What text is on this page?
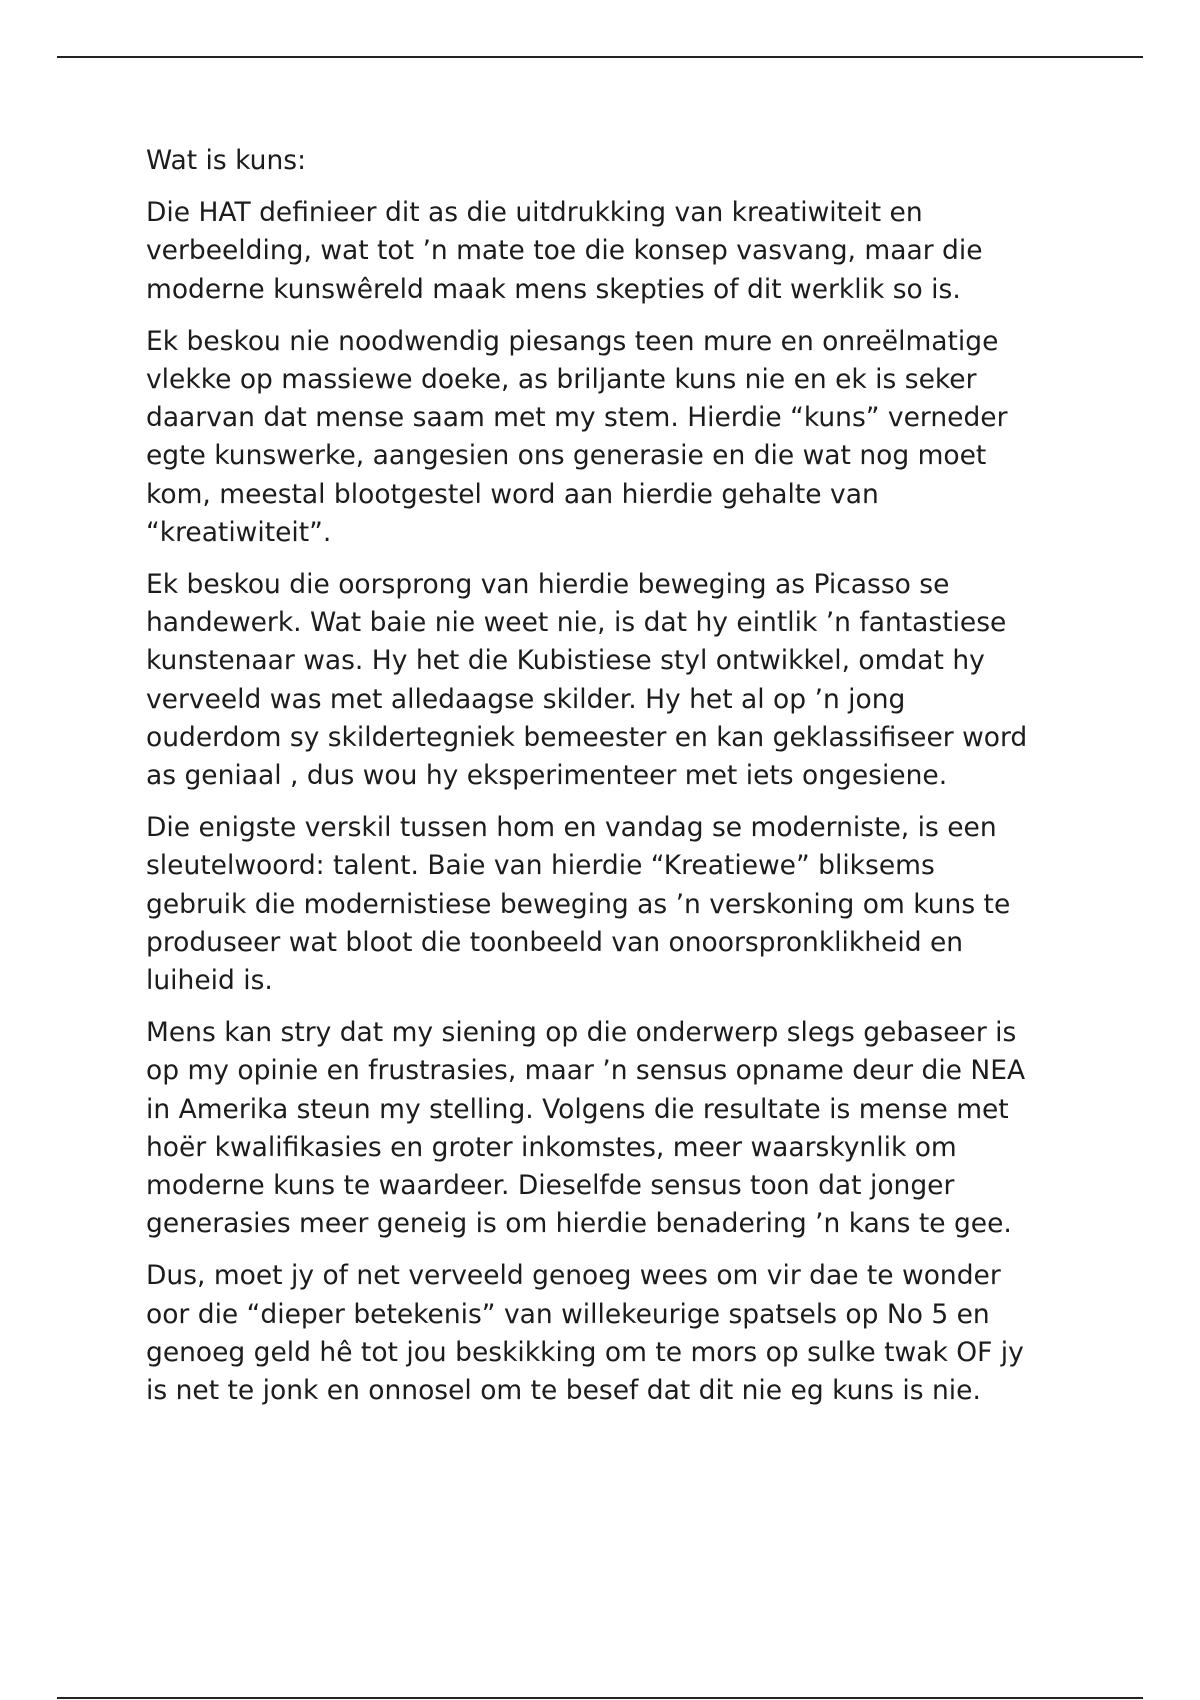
Wat is kuns:

Die HAT definieer dit as die uitdrukking van kreatiwiteit en
verbeelding, wat tot ’n mate toe die konsep vasvang, maar die
moderne kunswêreld maak mens skepties of dit werklik so is.

Ek beskou nie noodwendig piesangs teen mure en onreëlmatige
vlekke op massiewe doeke, as briljante kuns nie en ek is seker
daarvan dat mense saam met my stem. Hierdie “kuns” verneder
egte kunswerke, aangesien ons generasie en die wat nog moet
kom, meestal blootgestel word aan hierdie gehalte van
“kreatiwiteit”.

Ek beskou die oorsprong van hierdie beweging as Picasso se
handewerk. Wat baie nie weet nie, is dat hy eintlik ’n fantastiese
kunstenaar was. Hy het die Kubistiese styl ontwikkel, omdat hy
verveeld was met alledaagse skilder. Hy het al op ’n jong
ouderdom sy skildertegniek bemeester en kan geklassifiseer word
as geniaal , dus wou hy eksperimenteer met iets ongesiene.

Die enigste verskil tussen hom en vandag se moderniste, is een
sleutelwoord: talent. Baie van hierdie “Kreatiewe” bliksems
gebruik die modernistiese beweging as ’n verskoning om kuns te
produseer wat bloot die toonbeeld van onoorspronklikheid en
luiheid is.

Mens kan stry dat my siening op die onderwerp slegs gebaseer is
op my opinie en frustrasies, maar ’n sensus opname deur die NEA
in Amerika steun my stelling. Volgens die resultate is mense met
hoër kwalifikasies en groter inkomstes, meer waarskynlik om
moderne kuns te waardeer. Dieselfde sensus toon dat jonger
generasies meer geneig is om hierdie benadering ’n kans te gee.

Dus, moet jy of net verveeld genoeg wees om vir dae te wonder
oor die “dieper betekenis” van willekeurige spatsels op No 5 en
genoeg geld hê tot jou beskikking om te mors op sulke twak OF jy
is net te jonk en onnosel om te besef dat dit nie eg kuns is nie.
